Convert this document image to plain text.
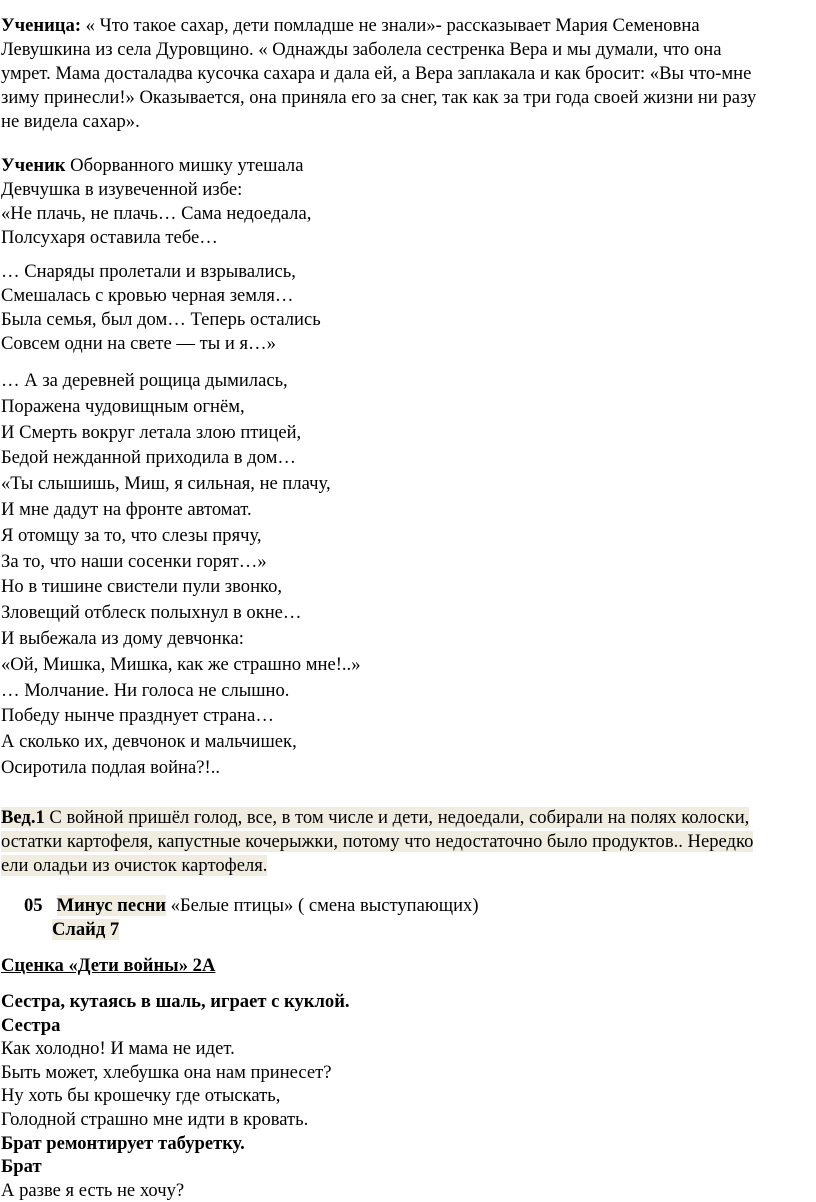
Ученица: « Что такое сахар, дети помладше не знали»- рассказывает Мария Семеновна
Левушкина из села Дуровщино. « Однажды заболела сестренка Вера и мы думали, что она
умрет. Мама досталадва кусочка сахара и дала ей, а Вера заплакала и как бросит: «Вы что-мне
зиму принесли!» Оказывается, она приняла его за снег, так как за три года своей жизни ни разу
не видела сахар».
Ученик Оборванного мишку утешала
Девчушка в изувеченной избе:
«Не плачь, не плачь… Сама недоедала,
Полсухаря оставила тебе…
… Снаряды пролетали и взрывались,
Смешалась с кровью черная земля…
Была семья, был дом… Теперь остались
Совсем одни на свете — ты и я…»
… А за деревней рощица дымилась,
Поражена чудовищным огнём,
И Смерть вокруг летала злою птицей,
Бедой нежданной приходила в дом…
«Ты слышишь, Миш, я сильная, не плачу,
И мне дадут на фронте автомат.
Я отомщу за то, что слезы прячу,
За то, что наши сосенки горят…»
Но в тишине свистели пули звонко,
Зловещий отблеск полыхнул в окне…
И выбежала из дому девчонка:
«Ой, Мишка, Мишка, как же страшно мне!..»
… Молчание. Ни голоса не слышно.
Победу нынче празднует страна…
А сколько их, девчонок и мальчишек,
Осиротила подлая война?!..
Вед.1 С войной пришёл голод, все, в том числе и дети, недоедали, собирали на полях колоски,
остатки картофеля, капустные кочерыжки, потому что недостаточно было продуктов.. Нередко
ели оладьи из очисток картофеля.
05 Минус песни «Белые птицы» ( смена выступающих)
Слайд 7
Сценка «Дети войны» 2А
Сестра, кутаясь в шаль, играет с куклой.
Сестра
Как холодно! И мама не идет.
Быть может, хлебушка она нам принесет?
Ну хоть бы крошечку где отыскать,
Голодной страшно мне идти в кровать.
Брат ремонтирует табуретку.
Брат
А разве я есть не хочу?
